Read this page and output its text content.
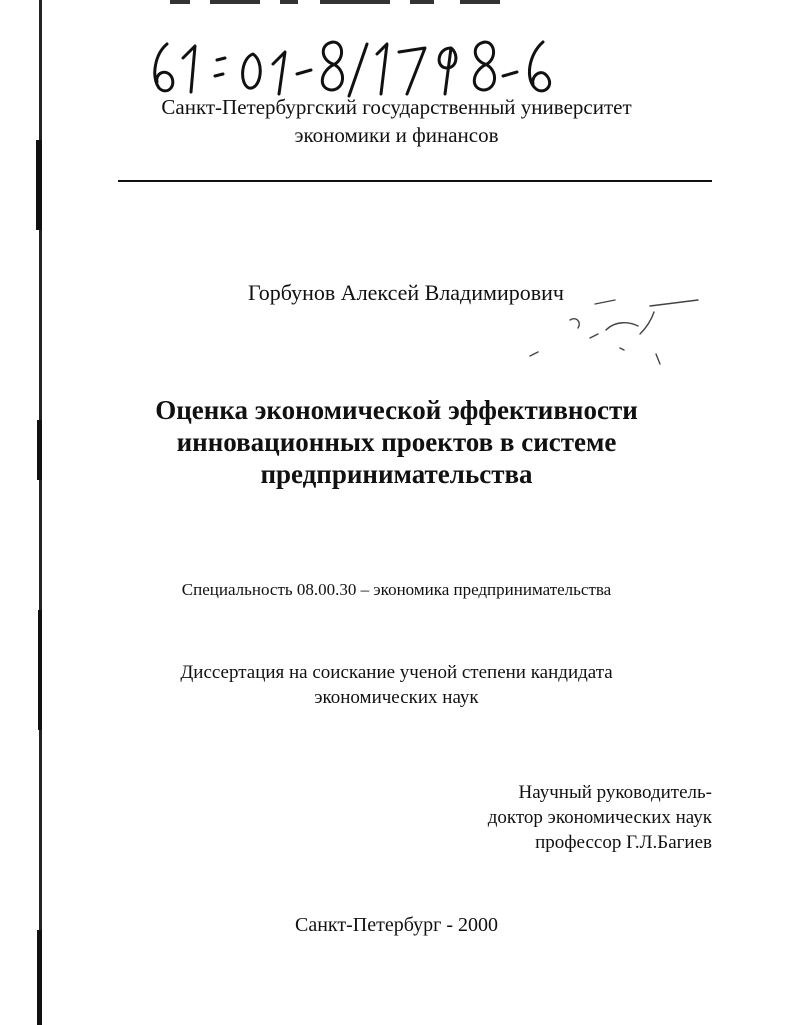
Санкт-Петербургский государственный университет
экономики и финансов
Горбунов Алексей Владимирович
Оценка экономической эффективности
инновационных проектов в системе
предпринимательства
Специальность 08.00.30 – экономика предпринимательства
Диссертация на соискание ученой степени кандидата
экономических наук
Научный руководитель-
доктор экономических наук
профессор Г.Л.Багиев
Санкт-Петербург - 2000
